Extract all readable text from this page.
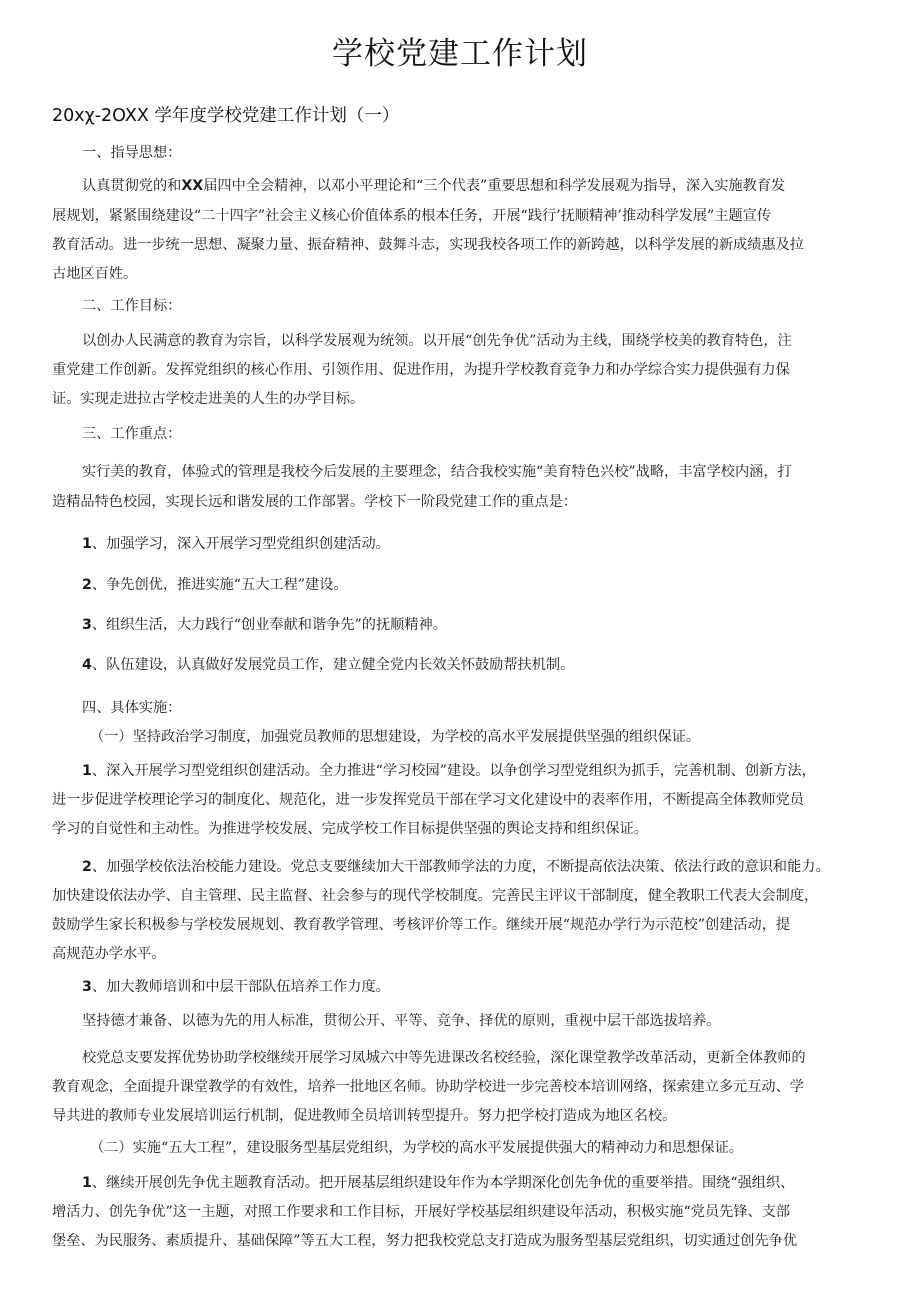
学校党建工作计划
20xχ-2OXX 学年度学校党建工作计划（一）
一、指导思想：
认真贯彻党的和XX届四中全会精神，以邓小平理论和“三个代表”重要思想和科学发展观为指导，深入实施教育发
展规划，紧紧围绕建设“二十四字”社会主义核心价值体系的根本任务，开展“践行’抚顺精神’推动科学发展”主题宣传
教育活动。进一步统一思想、凝聚力量、振奋精神、鼓舞斗志，实现我校各项工作的新跨越，以科学发展的新成绩惠及拉
古地区百姓。
二、工作目标：
以创办人民满意的教育为宗旨，以科学发展观为统领。以开展“创先争优”活动为主线，围绕学校美的教育特色，注
重党建工作创新。发挥党组织的核心作用、引领作用、促进作用，为提升学校教育竞争力和办学综合实力提供强有力保
证。实现走进拉古学校走进美的人生的办学目标。
三、工作重点：
实行美的教育，体验式的管理是我校今后发展的主要理念，结合我校实施“美育特色兴校”战略，丰富学校内涵，打
造精品特色校园，实现长远和谐发展的工作部署。学校下一阶段党建工作的重点是：
1、加强学习，深入开展学习型党组织创建活动。
2、争先创优，推进实施“五大工程”建设。
3、组织生活，大力践行“创业奉献和谐争先”的抚顺精神。
4、队伍建设，认真做好发展党员工作，建立健全党内长效关怀鼓励帮扶机制。
四、具体实施：
（一）坚持政治学习制度，加强党员教师的思想建设，为学校的高水平发展提供坚强的组织保证。
1、深入开展学习型党组织创建活动。全力推进“学习校园”建设。以争创学习型党组织为抓手，完善机制、创新方法，
进一步促进学校理论学习的制度化、规范化，进一步发挥党员干部在学习文化建设中的表率作用，不断提高全体教师党员
学习的自觉性和主动性。为推进学校发展、完成学校工作目标提供坚强的舆论支持和组织保证。
2、加强学校依法治校能力建设。党总支要继续加大干部教师学法的力度，不断提高依法决策、依法行政的意识和能力。
加快建设依法办学、自主管理、民主监督、社会参与的现代学校制度。完善民主评议干部制度，健全教职工代表大会制度，
鼓励学生家长积极参与学校发展规划、教育教学管理、考核评价等工作。继续开展“规范办学行为示范校”创建活动，提
高规范办学水平。
3、加大教师培训和中层干部队伍培养工作力度。
坚持德才兼备、以德为先的用人标准，贯彻公开、平等、竞争、择优的原则，重视中层干部选拔培养。
校党总支要发挥优势协助学校继续开展学习凤城六中等先进课改名校经验，深化课堂教学改革活动，更新全体教师的
教育观念，全面提升课堂教学的有效性，培养一批地区名师。协助学校进一步完善校本培训网络，探索建立多元互动、学
导共进的教师专业发展培训运行机制，促进教师全员培训转型提升。努力把学校打造成为地区名校。
（二）实施“五大工程”，建设服务型基层党组织，为学校的高水平发展提供强大的精神动力和思想保证。
1、继续开展创先争优主题教育活动。把开展基层组织建设年作为本学期深化创先争优的重要举措。围绕“强组织、
增活力、创先争优”这一主题，对照工作要求和工作目标，开展好学校基层组织建设年活动，积极实施“党员先锋、支部
堡垒、为民服务、素质提升、基础保障”等五大工程，努力把我校党总支打造成为服务型基层党组织，切实通过创先争优
